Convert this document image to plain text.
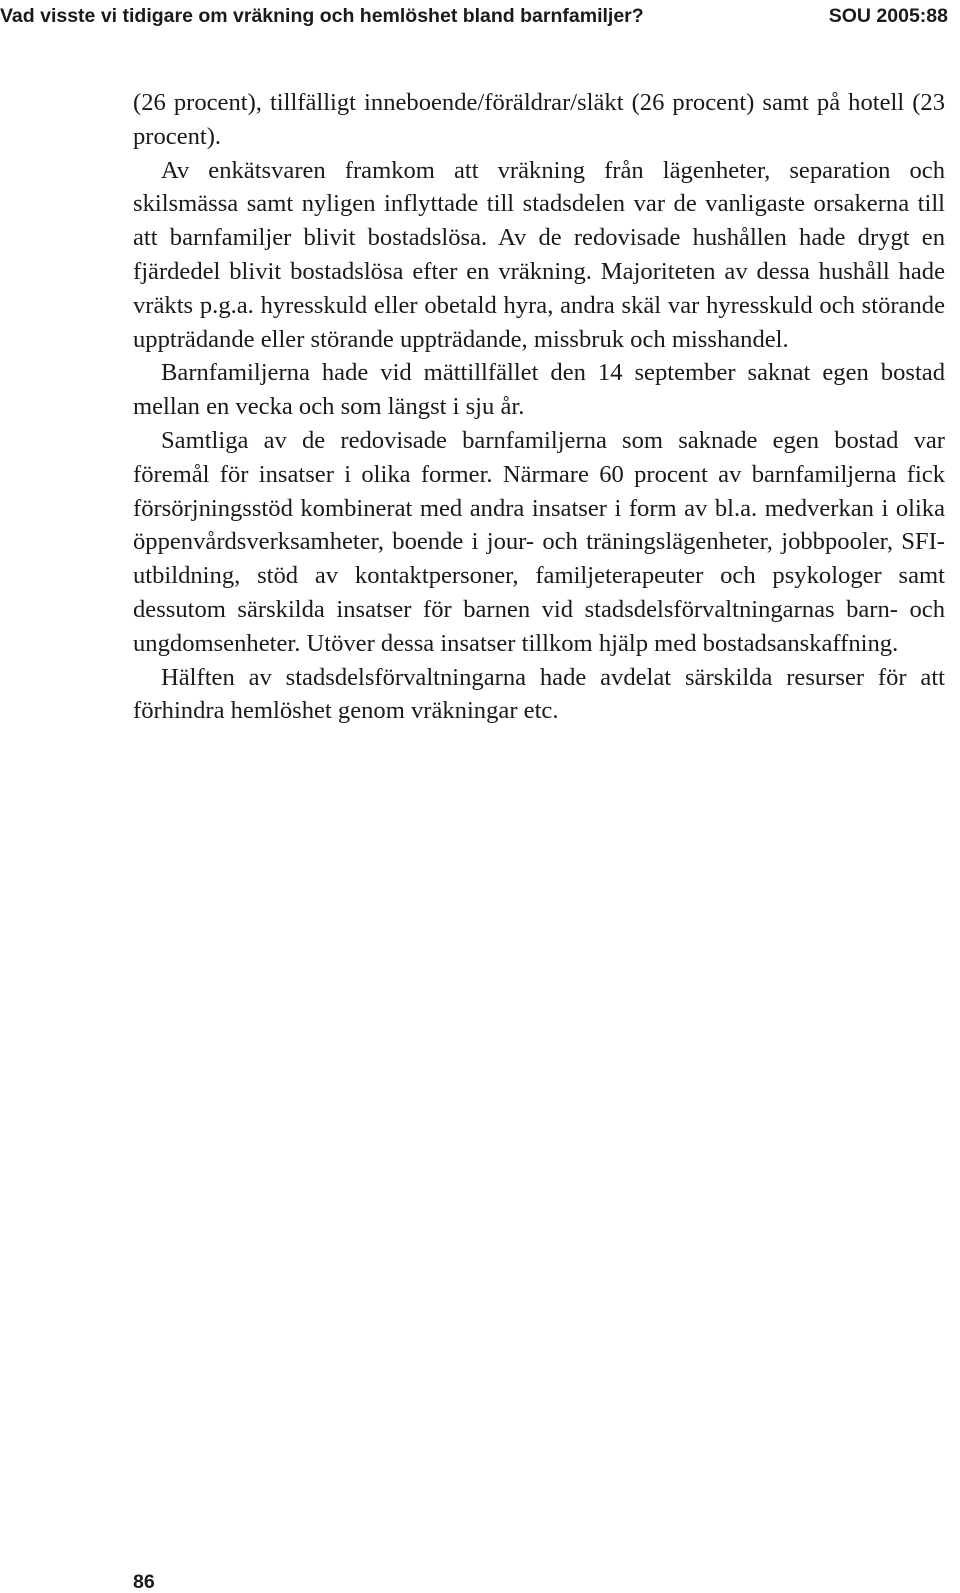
Vad visste vi tidigare om vräkning och hemlöshet bland barnfamiljer?	SOU 2005:88

(26 procent), tillfälligt inneboende/föräldrar/släkt (26 procent) samt på hotell (23 procent).

Av enkätsvaren framkom att vräkning från lägenheter, separation och skilsmässa samt nyligen inflyttade till stadsdelen var de vanligaste orsakerna till att barnfamiljer blivit bostadslösa. Av de redovisade hushållen hade drygt en fjärdedel blivit bostadslösa efter en vräkning. Majoriteten av dessa hushåll hade vräkts p.g.a. hyresskuld eller obetald hyra, andra skäl var hyresskuld och störande uppträdande eller störande uppträdande, missbruk och misshandel.

Barnfamiljerna hade vid mättillfället den 14 september saknat egen bostad mellan en vecka och som längst i sju år.

Samtliga av de redovisade barnfamiljerna som saknade egen bostad var föremål för insatser i olika former. Närmare 60 procent av barnfamiljerna fick försörjningsstöd kombinerat med andra insatser i form av bl.a. medverkan i olika öppenvårdsverksamheter, boende i jour- och träningslägenheter, jobbpooler, SFI-utbildning, stöd av kontaktpersoner, familjeterapeuter och psykologer samt dessutom särskilda insatser för barnen vid stadsdelsförvaltningarnas barn- och ungdomsenheter. Utöver dessa insatser tillkom hjälp med bostadsanskaffning.

Hälften av stadsdelsförvaltningarna hade avdelat särskilda resurser för att förhindra hemlöshet genom vräkningar etc.

86
